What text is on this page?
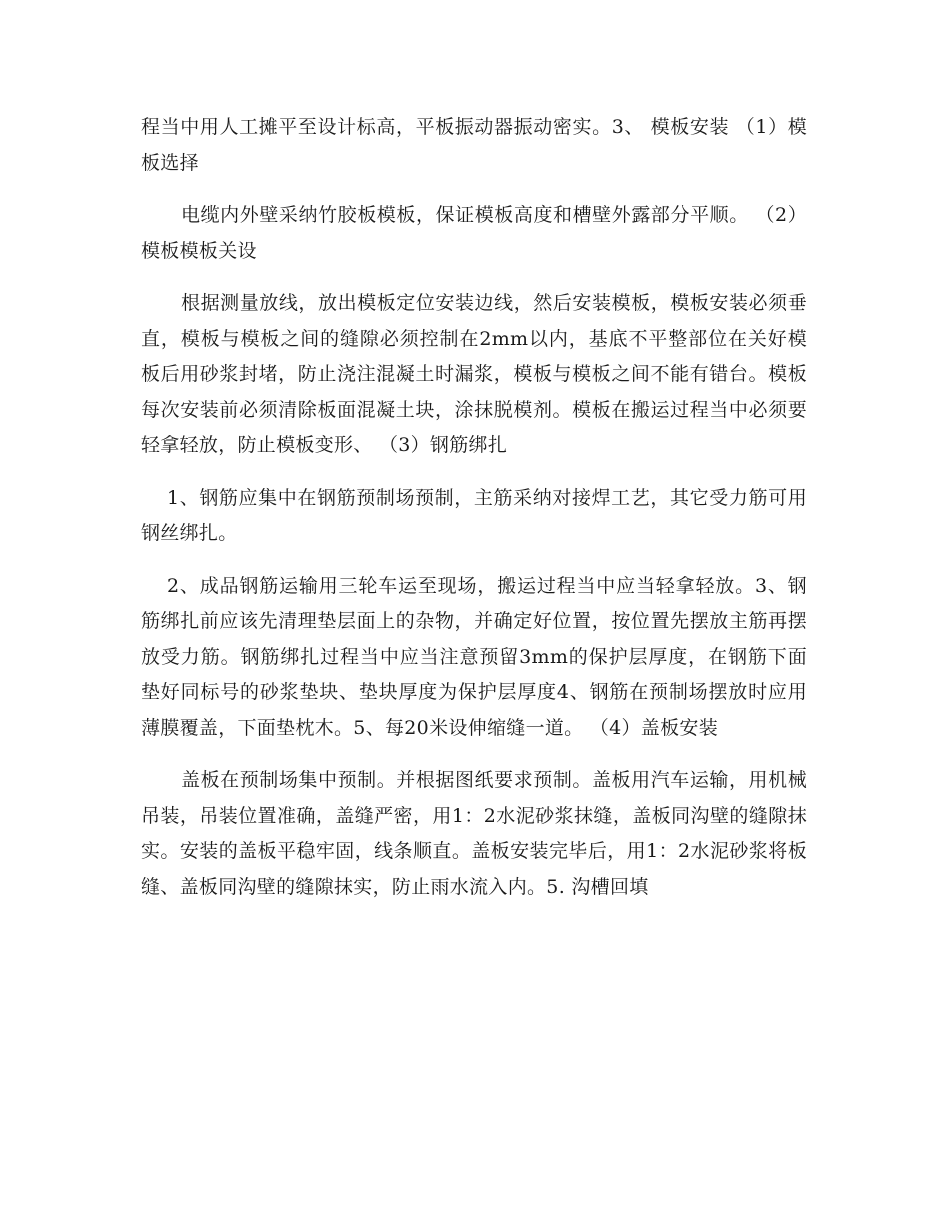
程当中用人工摊平至设计标高，平板振动器振动密实。3、 模板安装 （1）模板选择

电缆内外壁采纳竹胶板模板，保证模板高度和槽壁外露部分平顺。 （2）模板模板关设

根据测量放线，放出模板定位安装边线，然后安装模板，模板安装必须垂直，模板与模板之间的缝隙必须控制在2mm以内，基底不平整部位在关好模板后用砂浆封堵，防止浇注混凝土时漏浆，模板与模板之间不能有错台。模板每次安装前必须清除板面混凝土块，涂抹脱模剂。模板在搬运过程当中必须要轻拿轻放，防止模板变形、 （3）钢筋绑扎

1、钢筋应集中在钢筋预制场预制，主筋采纳对接焊工艺，其它受力筋可用钢丝绑扎。

2、成品钢筋运输用三轮车运至现场，搬运过程当中应当轻拿轻放。3、钢筋绑扎前应该先清理垫层面上的杂物，并确定好位置，按位置先摆放主筋再摆放受力筋。钢筋绑扎过程当中应当注意预留3mm的保护层厚度，在钢筋下面垫好同标号的砂浆垫块、垫块厚度为保护层厚度4、钢筋在预制场摆放时应用薄膜覆盖，下面垫枕木。5、每20米设伸缩缝一道。 （4）盖板安装

盖板在预制场集中预制。并根据图纸要求预制。盖板用汽车运输，用机械吊装，吊装位置准确，盖缝严密，用1：2水泥砂浆抹缝，盖板同沟壁的缝隙抹实。安装的盖板平稳牢固，线条顺直。盖板安装完毕后，用1：2水泥砂浆将板缝、盖板同沟壁的缝隙抹实，防止雨水流入内。5. 沟槽回填
